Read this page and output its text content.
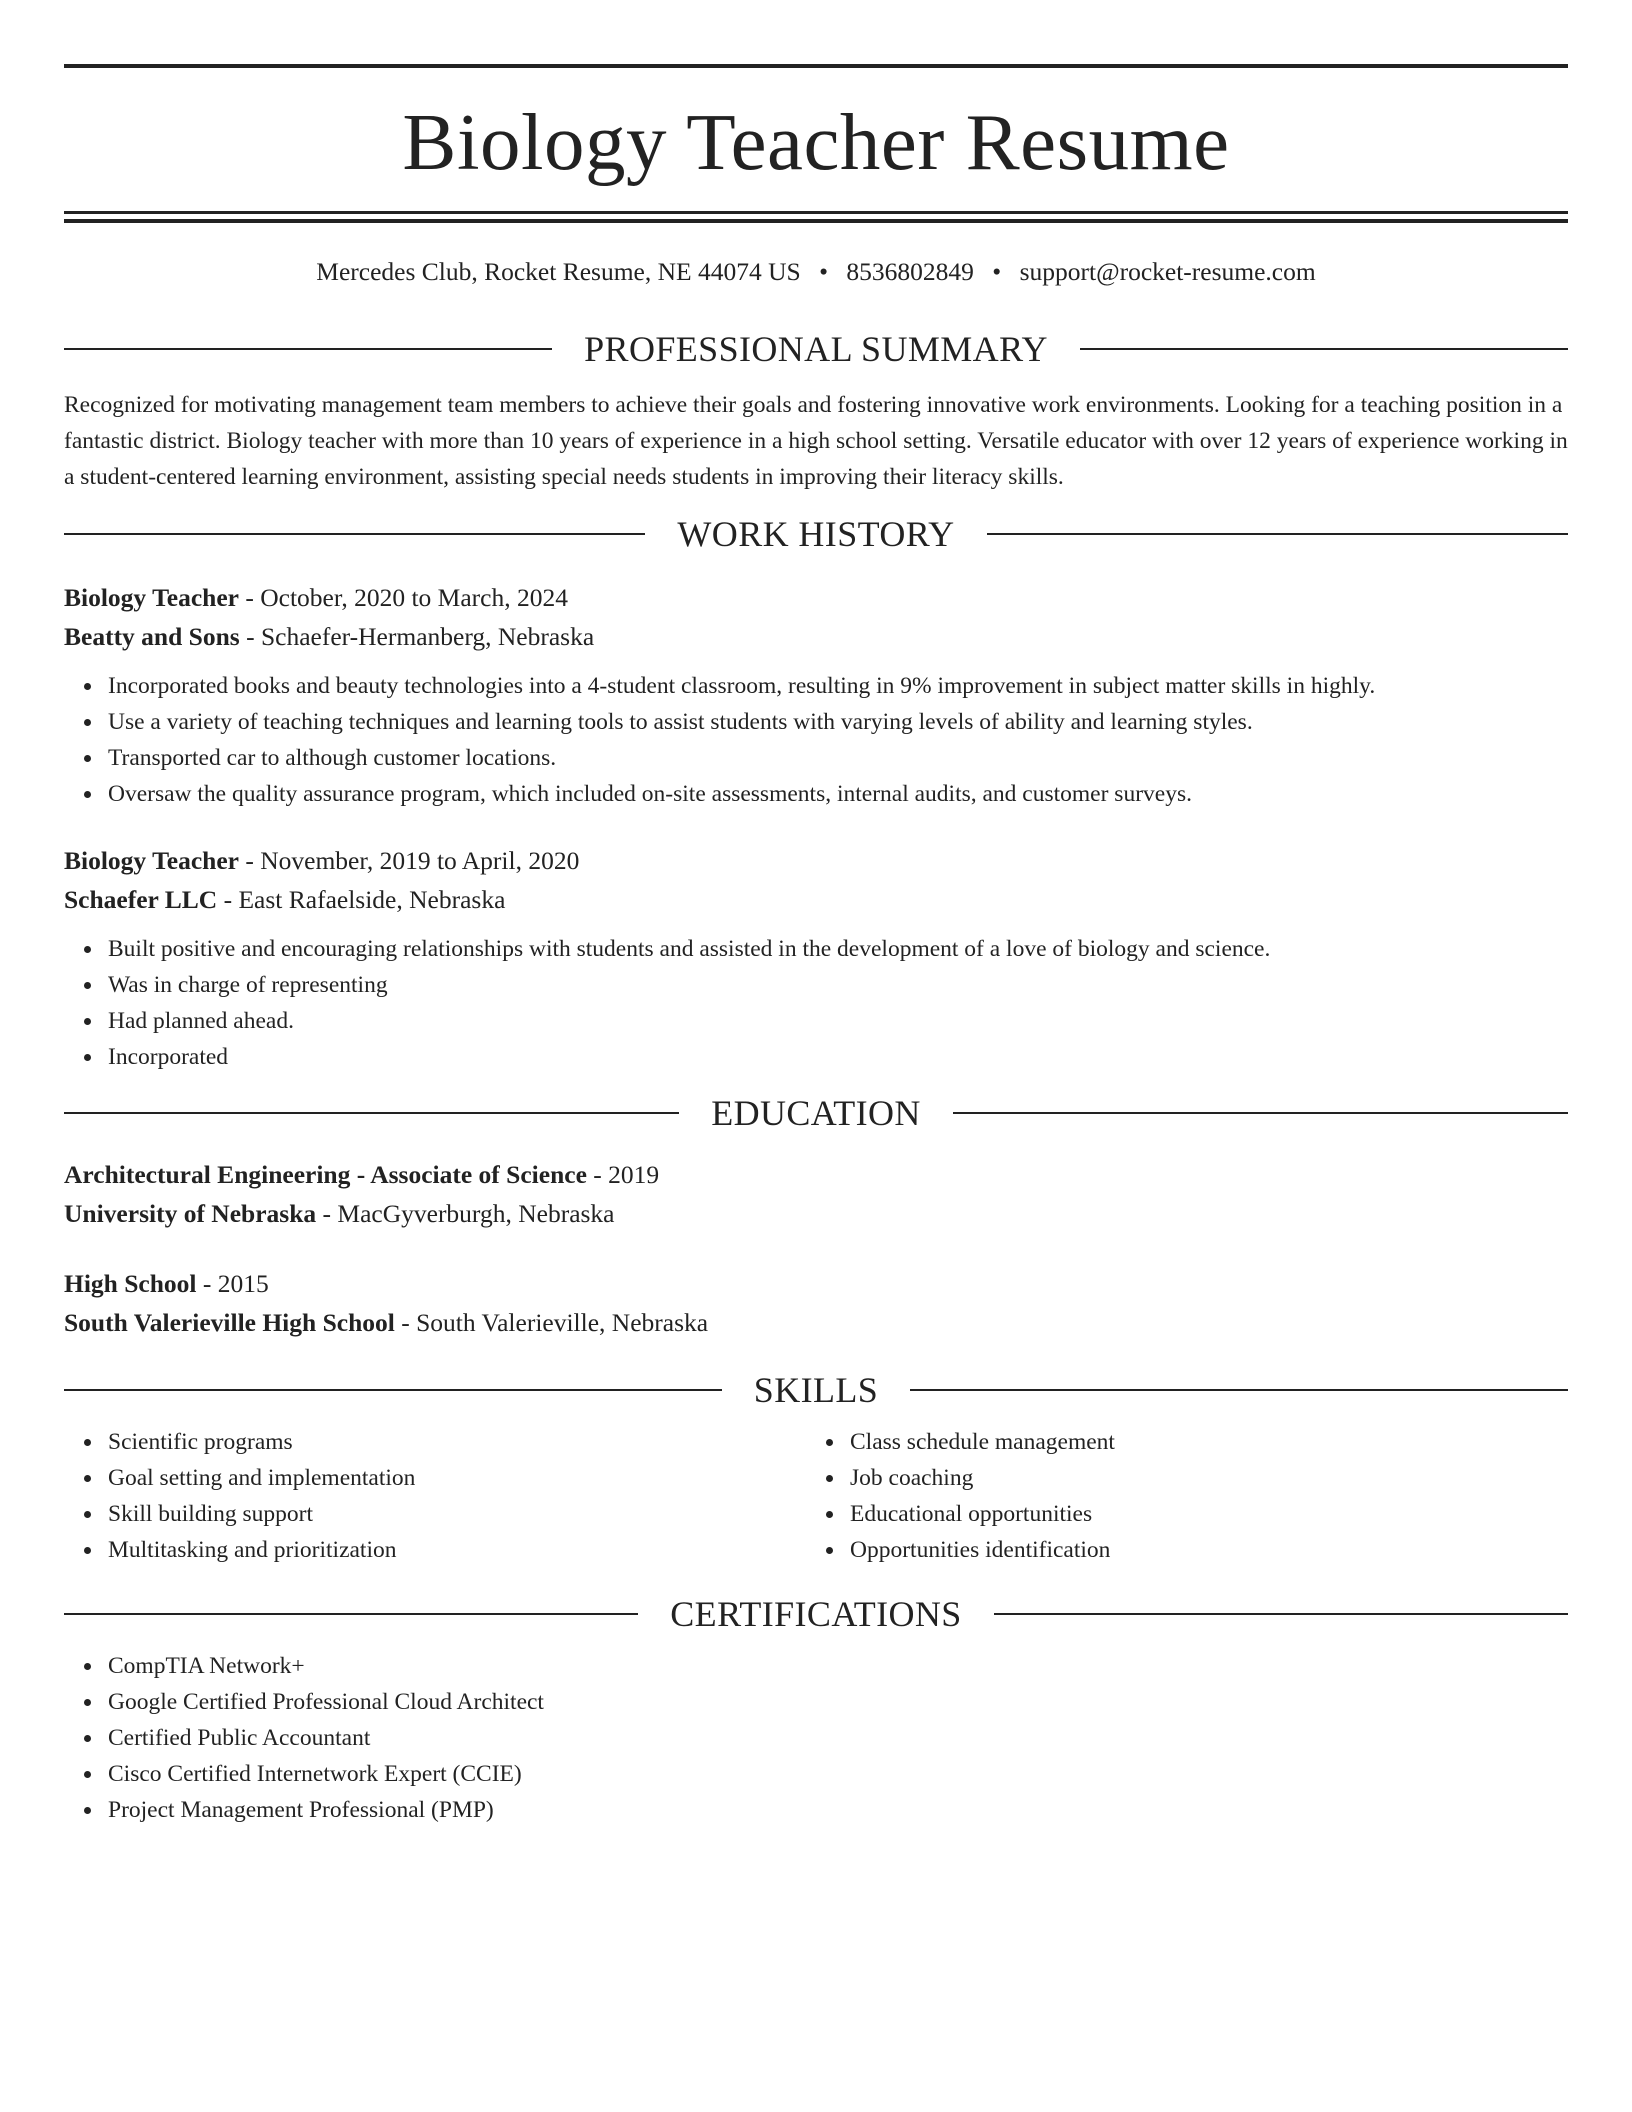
Biology Teacher Resume
Mercedes Club, Rocket Resume, NE 44074 US • 8536802849 • support@rocket-resume.com
PROFESSIONAL SUMMARY
Recognized for motivating management team members to achieve their goals and fostering innovative work environments. Looking for a teaching position in a fantastic district. Biology teacher with more than 10 years of experience in a high school setting. Versatile educator with over 12 years of experience working in a student-centered learning environment, assisting special needs students in improving their literacy skills.
WORK HISTORY
Biology Teacher - October, 2020 to March, 2024
Beatty and Sons - Schaefer-Hermanberg, Nebraska
Incorporated books and beauty technologies into a 4-student classroom, resulting in 9% improvement in subject matter skills in highly.
Use a variety of teaching techniques and learning tools to assist students with varying levels of ability and learning styles.
Transported car to although customer locations.
Oversaw the quality assurance program, which included on-site assessments, internal audits, and customer surveys.
Biology Teacher - November, 2019 to April, 2020
Schaefer LLC - East Rafaelside, Nebraska
Built positive and encouraging relationships with students and assisted in the development of a love of biology and science.
Was in charge of representing
Had planned ahead.
Incorporated
EDUCATION
Architectural Engineering - Associate of Science - 2019
University of Nebraska - MacGyverburgh, Nebraska
High School - 2015
South Valerieville High School - South Valerieville, Nebraska
SKILLS
Scientific programs
Goal setting and implementation
Skill building support
Multitasking and prioritization
Class schedule management
Job coaching
Educational opportunities
Opportunities identification
CERTIFICATIONS
CompTIA Network+
Google Certified Professional Cloud Architect
Certified Public Accountant
Cisco Certified Internetwork Expert (CCIE)
Project Management Professional (PMP)
